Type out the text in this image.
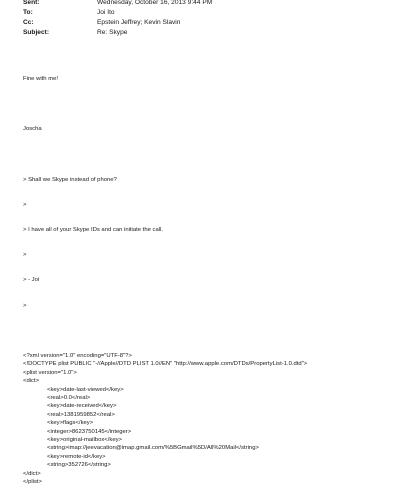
Sent:	Wednesday, October 16, 2013 9:44 PM
To:	Joi Ito
Cc:	Epstein Jeffrey; Kevin Slavin
Subject:	Re: Skype

Fine with me!

Joscha

> Shall we Skype instead of phone?

>

> I have all of your Skype IDs and can initiate the call.

>

> - Joi

>

<?xml version="1.0" encoding="UTF-8"?>
<!DOCTYPE plist PUBLIC "-//Apple//DTD PLIST 1.0//EN" "http://www.apple.com/DTDs/PropertyList-1.0.dtd">
<plist version="1.0">
<dict>
<key>date-last-viewed</key>
<real>0.0</real>
<key>date-received</key>
<real>1381959852</real>
<key>flags</key>
<integer>8623750145</integer>
<key>original-mailbox</key>
<string>imap://jeevacation@imap.gmail.com/%5BGmail%5D/All%20Mail</string>
<key>remote-id</key>
<string>352726</string>
</dict>
</plist>
